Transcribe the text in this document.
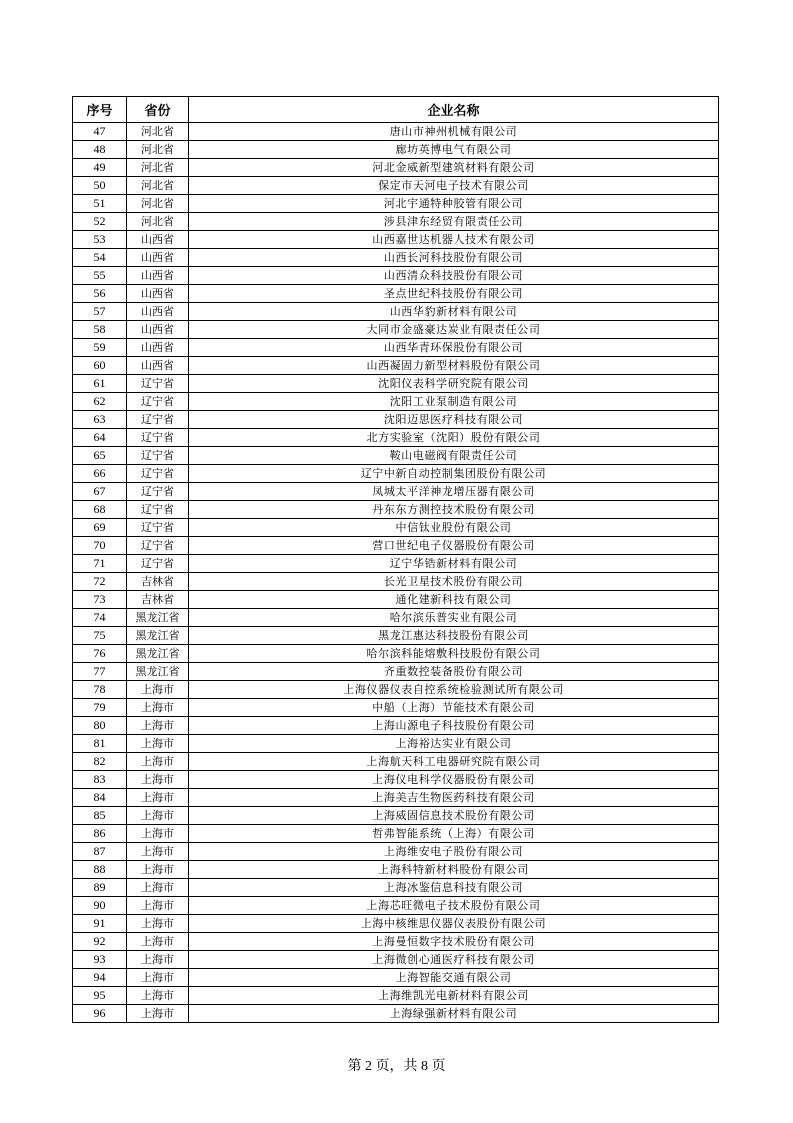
序号	省份	企业名称
47	河北省	唐山市神州机械有限公司
48	河北省	廊坊英博电气有限公司
49	河北省	河北金威新型建筑材料有限公司
50	河北省	保定市天河电子技术有限公司
51	河北省	河北宇通特种胶管有限公司
52	河北省	涉县津东经贸有限责任公司
53	山西省	山西嘉世达机器人技术有限公司
54	山西省	山西长河科技股份有限公司
55	山西省	山西清众科技股份有限公司
56	山西省	圣点世纪科技股份有限公司
57	山西省	山西华豹新材料有限公司
58	山西省	大同市金盛豪达炭业有限责任公司
59	山西省	山西华青环保股份有限公司
60	山西省	山西凝固力新型材料股份有限公司
61	辽宁省	沈阳仪表科学研究院有限公司
62	辽宁省	沈阳工业泵制造有限公司
63	辽宁省	沈阳迈思医疗科技有限公司
64	辽宁省	北方实验室（沈阳）股份有限公司
65	辽宁省	鞍山电磁阀有限责任公司
66	辽宁省	辽宁中新自动控制集团股份有限公司
67	辽宁省	凤城太平洋神龙增压器有限公司
68	辽宁省	丹东东方测控技术股份有限公司
69	辽宁省	中信钛业股份有限公司
70	辽宁省	营口世纪电子仪器股份有限公司
71	辽宁省	辽宁华锆新材料有限公司
72	吉林省	长光卫星技术股份有限公司
73	吉林省	通化建新科技有限公司
74	黑龙江省	哈尔滨乐普实业有限公司
75	黑龙江省	黑龙江惠达科技股份有限公司
76	黑龙江省	哈尔滨科能熔敷科技股份有限公司
77	黑龙江省	齐重数控装备股份有限公司
78	上海市	上海仪器仪表自控系统检验测试所有限公司
79	上海市	中船（上海）节能技术有限公司
80	上海市	上海山源电子科技股份有限公司
81	上海市	上海裕达实业有限公司
82	上海市	上海航天科工电器研究院有限公司
83	上海市	上海仪电科学仪器股份有限公司
84	上海市	上海美吉生物医药科技有限公司
85	上海市	上海威固信息技术股份有限公司
86	上海市	哲弗智能系统（上海）有限公司
87	上海市	上海维安电子股份有限公司
88	上海市	上海科特新材料股份有限公司
89	上海市	上海冰鉴信息科技有限公司
90	上海市	上海芯旺微电子技术股份有限公司
91	上海市	上海中核维思仪器仪表股份有限公司
92	上海市	上海曼恒数字技术股份有限公司
93	上海市	上海微创心通医疗科技有限公司
94	上海市	上海智能交通有限公司
95	上海市	上海维凯光电新材料有限公司
96	上海市	上海绿强新材料有限公司
第 2 页，共 8 页
